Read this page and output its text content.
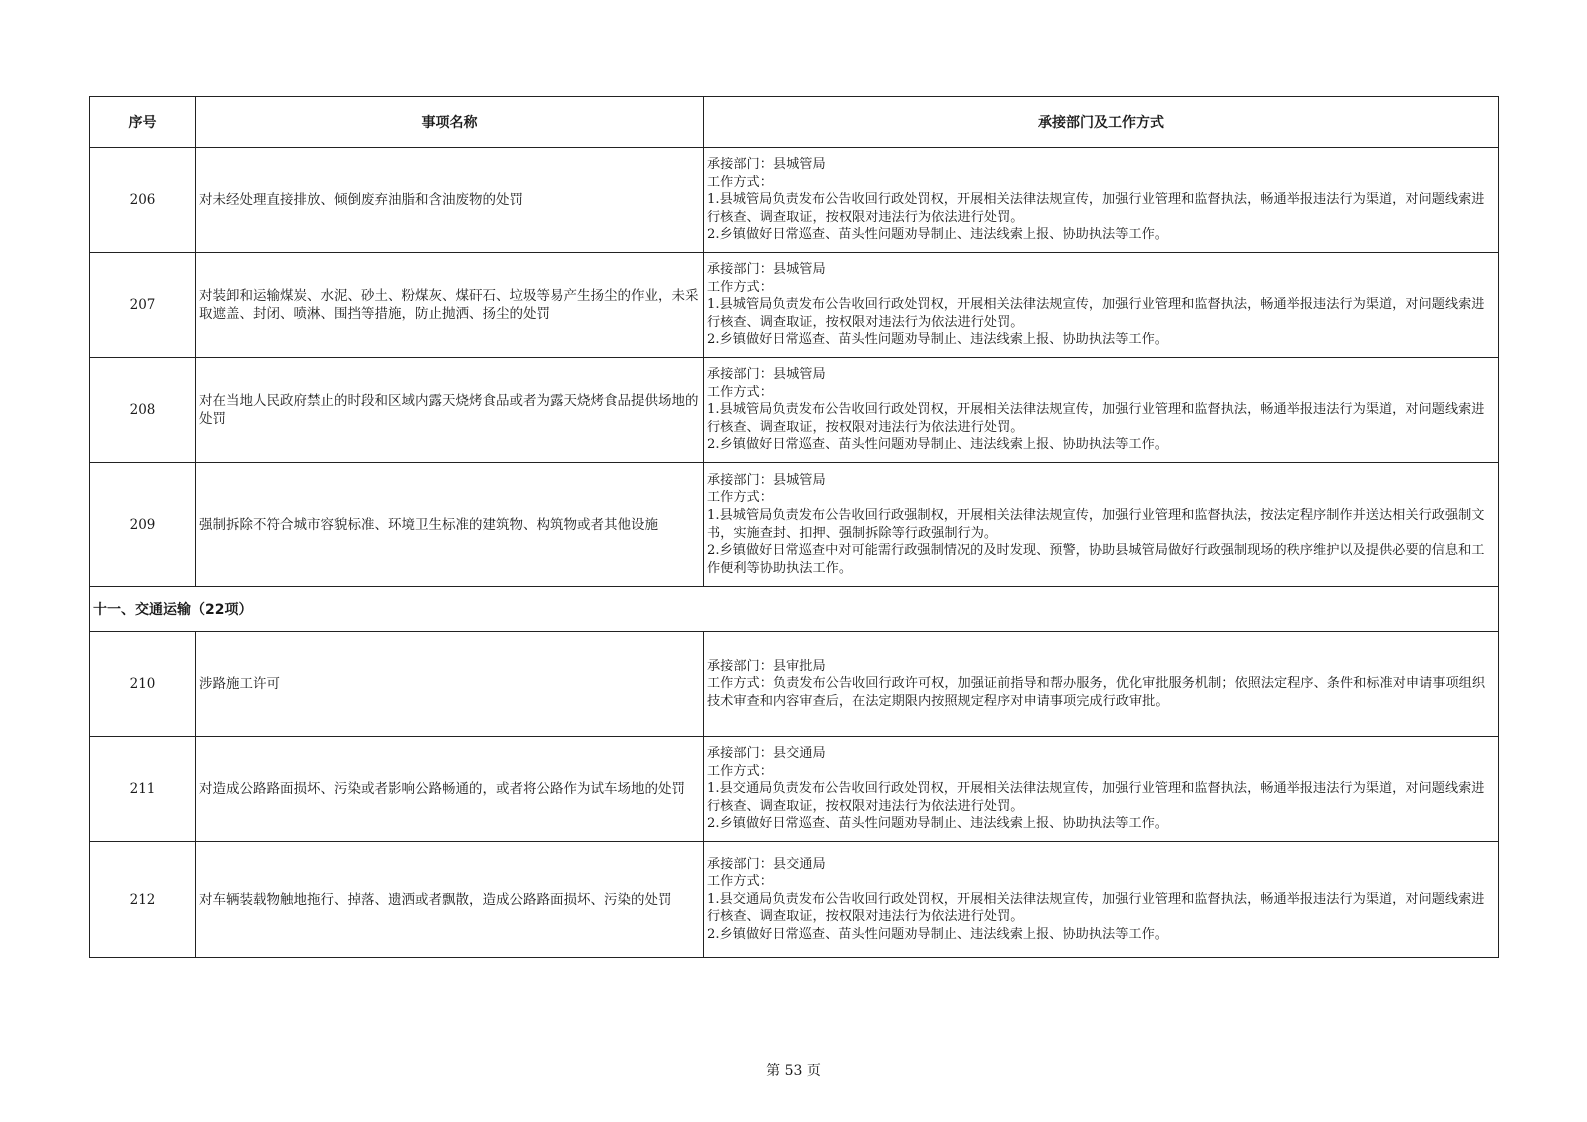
序号	事项名称	承接部门及工作方式
206	对未经处理直接排放、倾倒废弃油脂和含油废物的处罚	承接部门：县城管局
工作方式：
1.县城管局负责发布公告收回行政处罚权，开展相关法律法规宣传，加强行业管理和监督执法，畅通举报违法行为渠道，对问题线索进行核查、调查取证，按权限对违法行为依法进行处罚。
2.乡镇做好日常巡查、苗头性问题劝导制止、违法线索上报、协助执法等工作。

207	对装卸和运输煤炭、水泥、砂土、粉煤灰、煤矸石、垃圾等易产生扬尘的作业，未采取遮盖、封闭、喷淋、围挡等措施，防止抛洒、扬尘的处罚	承接部门：县城管局
工作方式：
1.县城管局负责发布公告收回行政处罚权，开展相关法律法规宣传，加强行业管理和监督执法，畅通举报违法行为渠道，对问题线索进行核查、调查取证，按权限对违法行为依法进行处罚。
2.乡镇做好日常巡查、苗头性问题劝导制止、违法线索上报、协助执法等工作。

208	对在当地人民政府禁止的时段和区域内露天烧烤食品或者为露天烧烤食品提供场地的处罚	承接部门：县城管局
工作方式：
1.县城管局负责发布公告收回行政处罚权，开展相关法律法规宣传，加强行业管理和监督执法，畅通举报违法行为渠道，对问题线索进行核查、调查取证，按权限对违法行为依法进行处罚。
2.乡镇做好日常巡查、苗头性问题劝导制止、违法线索上报、协助执法等工作。

209	强制拆除不符合城市容貌标准、环境卫生标准的建筑物、构筑物或者其他设施	承接部门：县城管局
工作方式：
1.县城管局负责发布公告收回行政强制权，开展相关法律法规宣传，加强行业管理和监督执法，按法定程序制作并送达相关行政强制文书，实施查封、扣押、强制拆除等行政强制行为。
2.乡镇做好日常巡查中对可能需行政强制情况的及时发现、预警，协助县城管局做好行政强制现场的秩序维护以及提供必要的信息和工作便利等协助执法工作。

十一、交通运输（22项）		
210	涉路施工许可	承接部门：县审批局
工作方式：负责发布公告收回行政许可权，加强证前指导和帮办服务，优化审批服务机制；依照法定程序、条件和标准对申请事项组织技术审查和内容审查后，在法定期限内按照规定程序对申请事项完成行政审批。

211	对造成公路路面损坏、污染或者影响公路畅通的，或者将公路作为试车场地的处罚	承接部门：县交通局
工作方式：
1.县交通局负责发布公告收回行政处罚权，开展相关法律法规宣传，加强行业管理和监督执法，畅通举报违法行为渠道，对问题线索进行核查、调查取证，按权限对违法行为依法进行处罚。
2.乡镇做好日常巡查、苗头性问题劝导制止、违法线索上报、协助执法等工作。

212	对车辆装载物触地拖行、掉落、遗洒或者飘散，造成公路路面损坏、污染的处罚	承接部门：县交通局
工作方式：
1.县交通局负责发布公告收回行政处罚权，开展相关法律法规宣传，加强行业管理和监督执法，畅通举报违法行为渠道，对问题线索进行核查、调查取证，按权限对违法行为依法进行处罚。
2.乡镇做好日常巡查、苗头性问题劝导制止、违法线索上报、协助执法等工作。
第 53 页
